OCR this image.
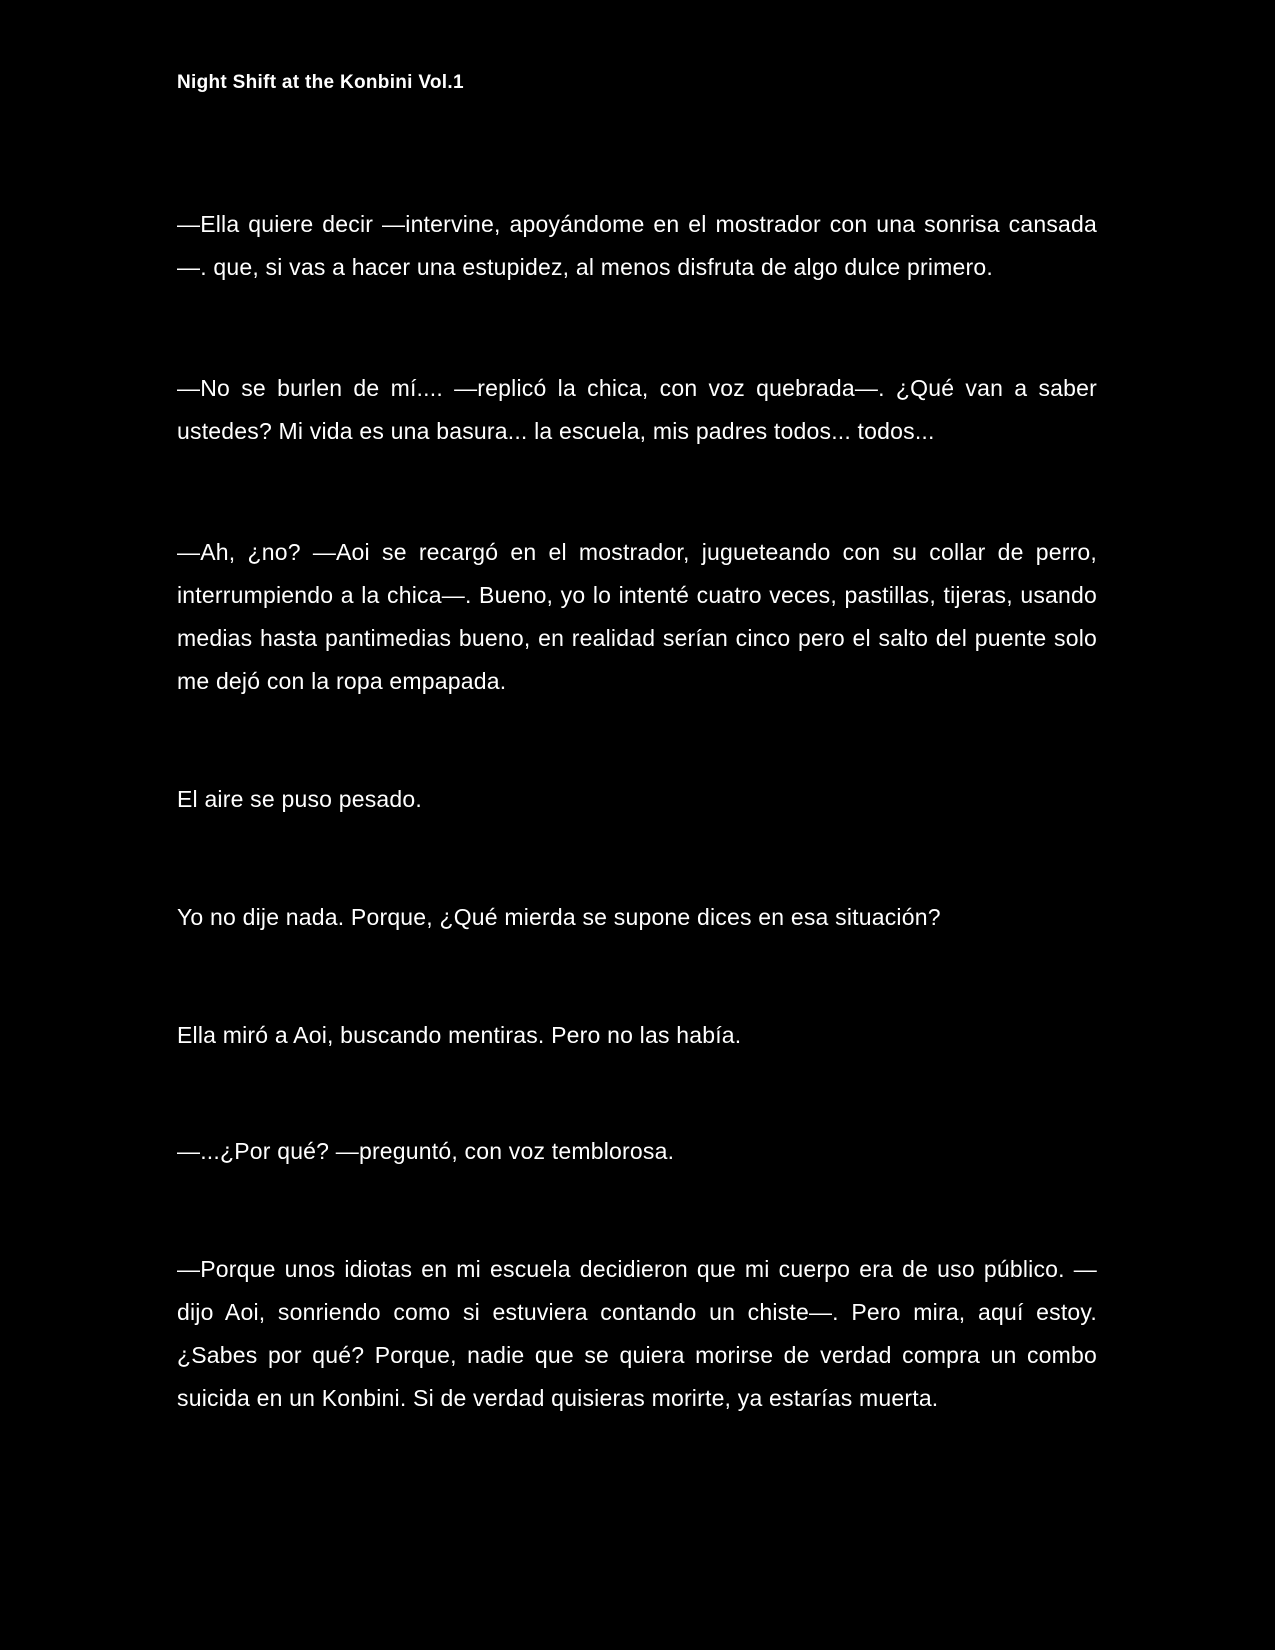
Night Shift at the Konbini Vol.1

—Ella quiere decir —intervine, apoyándome en el mostrador con una sonrisa cansada—. que, si vas a hacer una estupidez, al menos disfruta de algo dulce primero.

—No se burlen de mí.... —replicó la chica, con voz quebrada—. ¿Qué van a saber ustedes? Mi vida es una basura... la escuela, mis padres todos... todos...

—Ah, ¿no? —Aoi se recargó en el mostrador, jugueteando con su collar de perro, interrumpiendo a la chica—. Bueno, yo lo intenté cuatro veces, pastillas, tijeras, usando medias hasta pantimedias bueno, en realidad serían cinco pero el salto del puente solo me dejó con la ropa empapada.

El aire se puso pesado.

Yo no dije nada. Porque, ¿Qué mierda se supone dices en esa situación?

Ella miró a Aoi, buscando mentiras. Pero no las había.

—...¿Por qué? —preguntó, con voz temblorosa.

—Porque unos idiotas en mi escuela decidieron que mi cuerpo era de uso público. —dijo Aoi, sonriendo como si estuviera contando un chiste—. Pero mira, aquí estoy. ¿Sabes por qué? Porque, nadie que se quiera morirse de verdad compra un combo suicida en un Konbini. Si de verdad quisieras morirte, ya estarías muerta.
